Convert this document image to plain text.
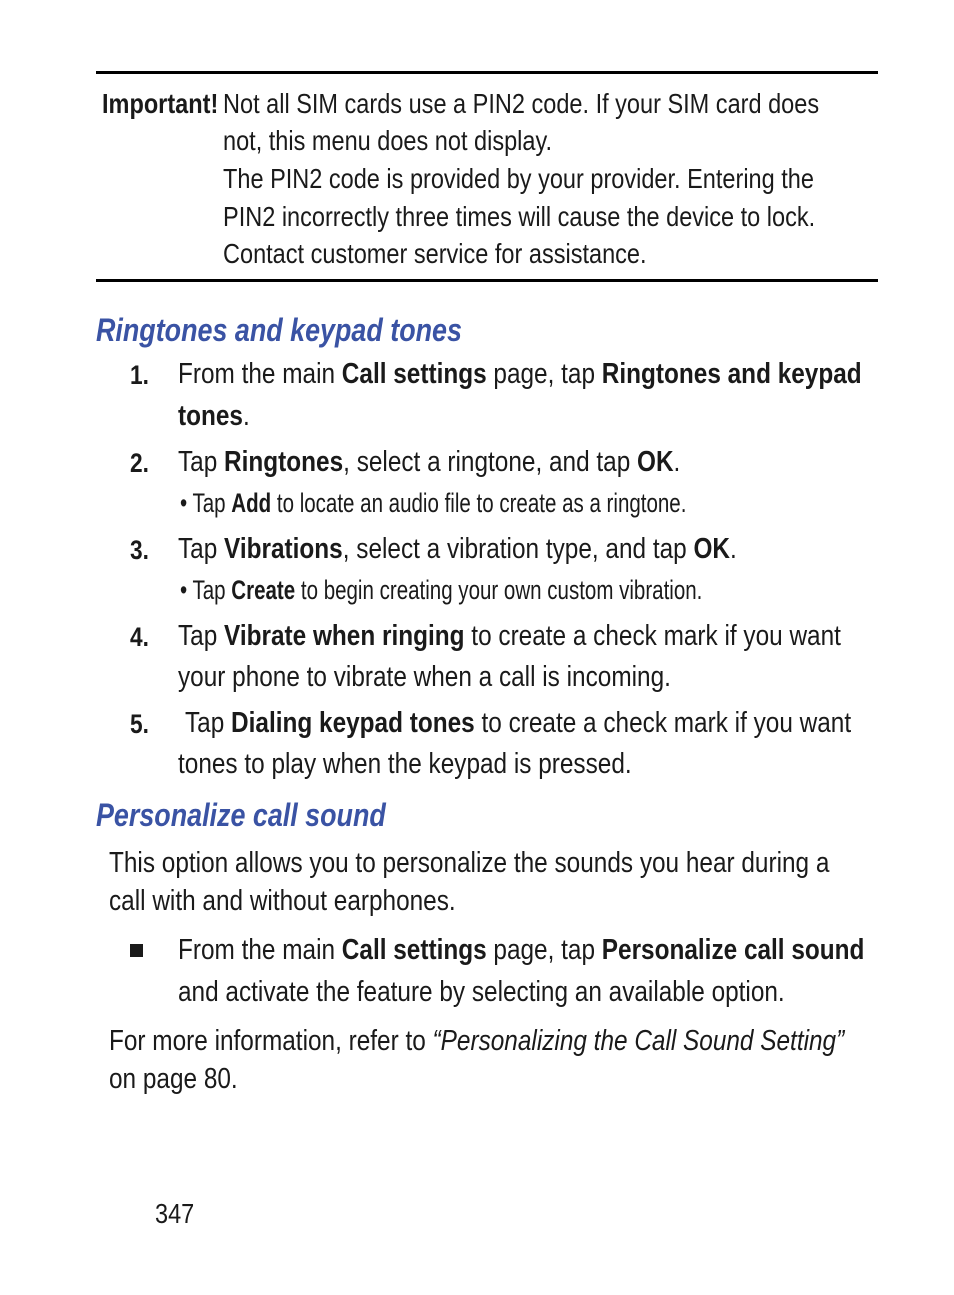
Important! Not all SIM cards use a PIN2 code. If your SIM card does
not, this menu does not display.
The PIN2 code is provided by your provider. Entering the
PIN2 incorrectly three times will cause the device to lock.
Contact customer service for assistance.
Ringtones and keypad tones
1. From the main Call settings page, tap Ringtones and keypad
tones.
2. Tap Ringtones, select a ringtone, and tap OK.
• Tap Add to locate an audio file to create as a ringtone.
3. Tap Vibrations, select a vibration type, and tap OK.
• Tap Create to begin creating your own custom vibration.
4. Tap Vibrate when ringing to create a check mark if you want
your phone to vibrate when a call is incoming.
5. Tap Dialing keypad tones to create a check mark if you want
tones to play when the keypad is pressed.
Personalize call sound
This option allows you to personalize the sounds you hear during a
call with and without earphones.
From the main Call settings page, tap Personalize call sound
and activate the feature by selecting an available option.
For more information, refer to “Personalizing the Call Sound Setting”
on page 80.
347
